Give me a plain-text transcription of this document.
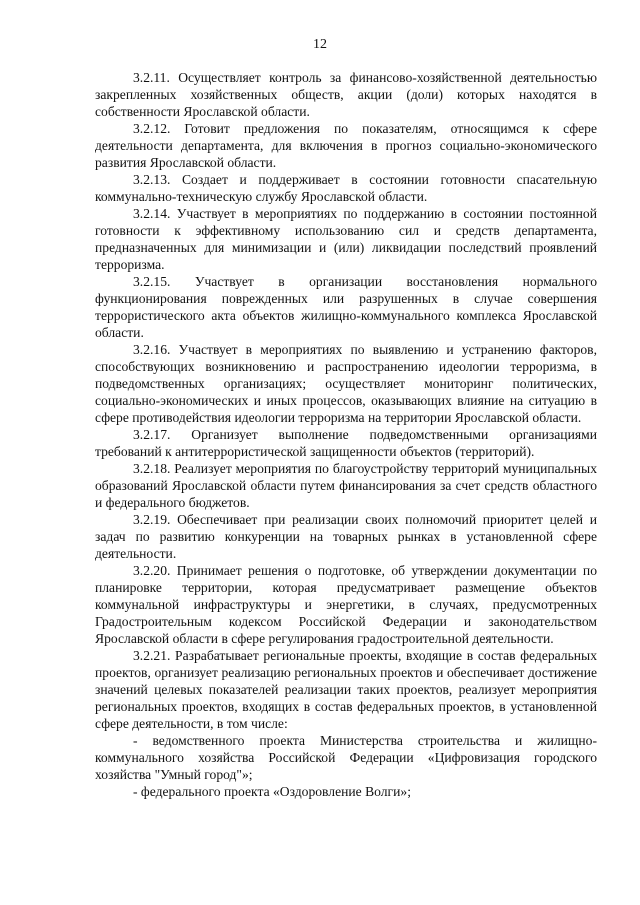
12

3.2.11. Осуществляет контроль за финансово-хозяйственной деятельностью закрепленных хозяйственных обществ, акции (доли) которых находятся в собственности Ярославской области.

3.2.12. Готовит предложения по показателям, относящимся к сфере деятельности департамента, для включения в прогноз социально-экономического развития Ярославской области.

3.2.13. Создает и поддерживает в состоянии готовности спасательную коммунально-техническую службу Ярославской области.

3.2.14. Участвует в мероприятиях по поддержанию в состоянии постоянной готовности к эффективному использованию сил и средств департамента, предназначенных для минимизации и (или) ликвидации последствий проявлений терроризма.

3.2.15. Участвует в организации восстановления нормального функционирования поврежденных или разрушенных в случае совершения террористического акта объектов жилищно-коммунального комплекса Ярославской области.

3.2.16. Участвует в мероприятиях по выявлению и устранению факторов, способствующих возникновению и распространению идеологии терроризма, в подведомственных организациях; осуществляет мониторинг политических, социально-экономических и иных процессов, оказывающих влияние на ситуацию в сфере противодействия идеологии терроризма на территории Ярославской области.

3.2.17. Организует выполнение подведомственными организациями требований к антитеррористической защищенности объектов (территорий).

3.2.18. Реализует мероприятия по благоустройству территорий муниципальных образований Ярославской области путем финансирования за счет средств областного и федерального бюджетов.

3.2.19. Обеспечивает при реализации своих полномочий приоритет целей и задач по развитию конкуренции на товарных рынках в установленной сфере деятельности.

3.2.20. Принимает решения о подготовке, об утверждении документации по планировке территории, которая предусматривает размещение объектов коммунальной инфраструктуры и энергетики, в случаях, предусмотренных Градостроительным кодексом Российской Федерации и законодательством Ярославской области в сфере регулирования градостроительной деятельности.

3.2.21. Разрабатывает региональные проекты, входящие в состав федеральных проектов, организует реализацию региональных проектов и обеспечивает достижение значений целевых показателей реализации таких проектов, реализует мероприятия региональных проектов, входящих в состав федеральных проектов, в установленной сфере деятельности, в том числе:

- ведомственного проекта Министерства строительства и жилищно-коммунального хозяйства Российской Федерации «Цифровизация городского хозяйства "Умный город"»;

- федерального проекта «Оздоровление Волги»;
